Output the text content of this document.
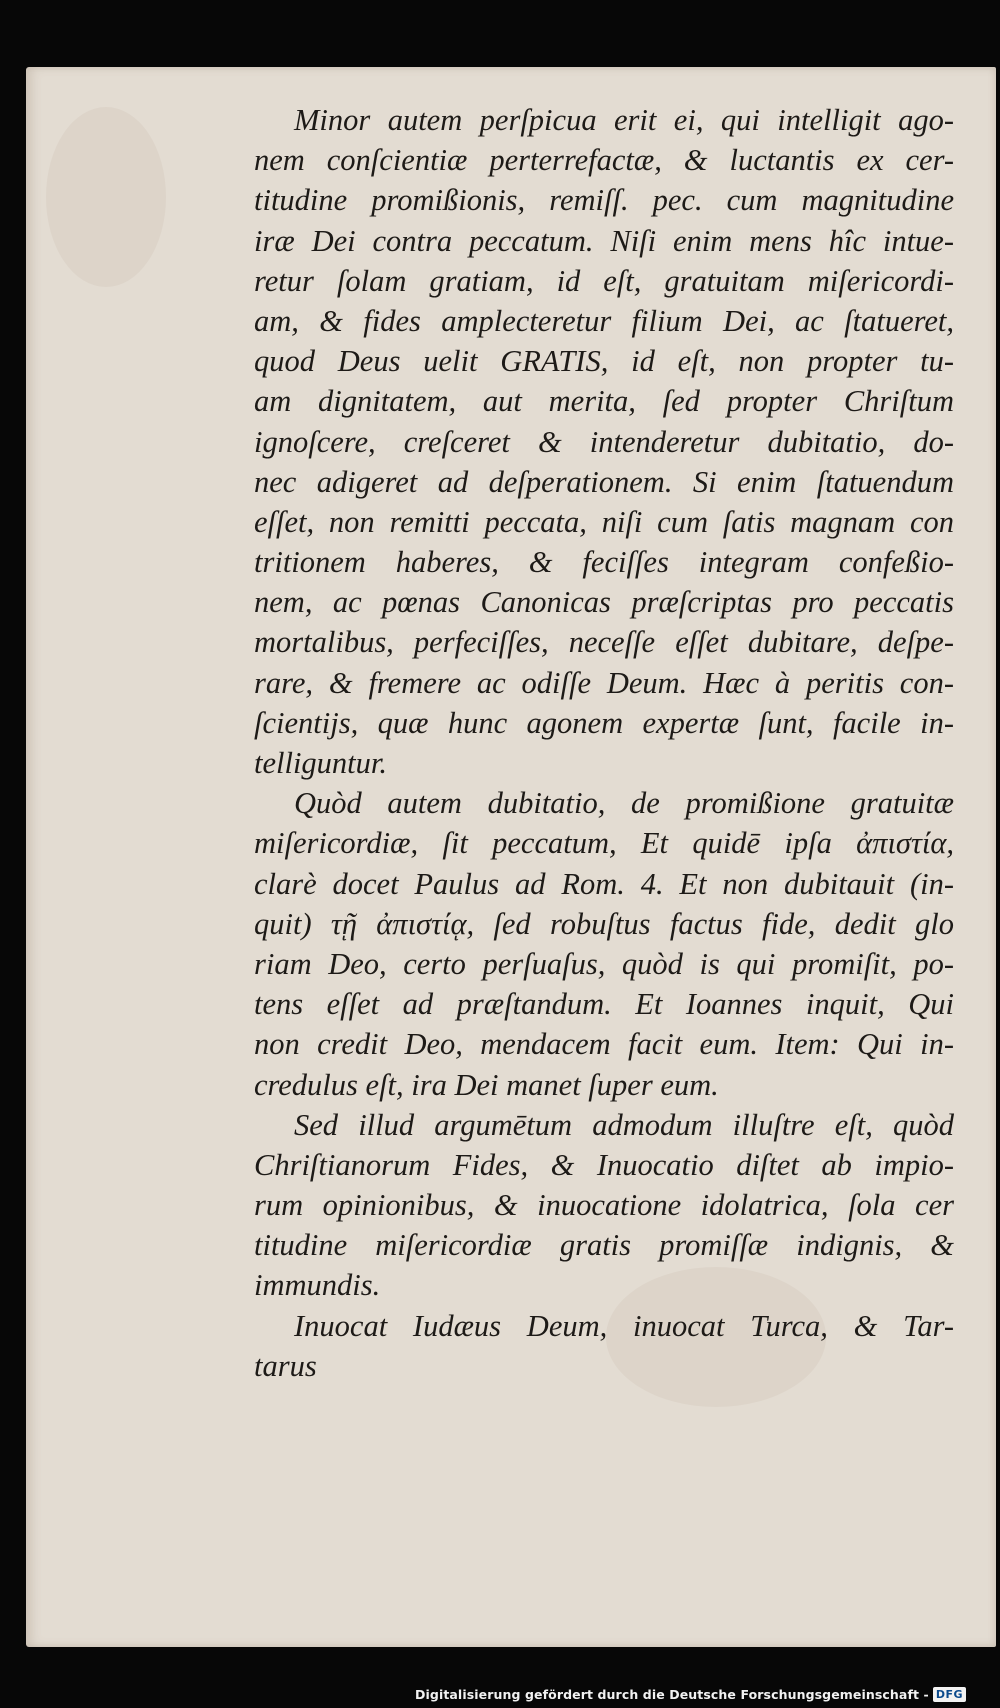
Minor autem perſpicua erit ei, qui intelligit ago-
nem conſcientiæ perterrefactæ, & luctantis ex cer-
titudine promißionis, remiſſ. pec. cum magnitudine
iræ Dei contra peccatum. Niſi enim mens hîc intue-
retur ſolam gratiam, id eſt, gratuitam miſericordi-
am, & fides amplecteretur filium Dei, ac ſtatueret,
quod Deus uelit GRATIS, id eſt, non propter tu-
am dignitatem, aut merita, ſed propter Chriſtum
ignoſcere, creſceret & intenderetur dubitatio, do-
nec adigeret ad deſperationem. Si enim ſtatuendum
eſſet, non remitti peccata, niſi cum ſatis magnam con
tritionem haberes, & feciſſes integram confeßio-
nem, ac pœnas Canonicas præſcriptas pro peccatis
mortalibus, perfeciſſes, neceſſe eſſet dubitare, deſpe-
rare, & fremere ac odiſſe Deum. Hæc à peritis con-
ſcientijs, quæ hunc agonem expertæ ſunt, facile in-
telliguntur.
Quòd autem dubitatio, de promißione gratuitæ
miſericordiæ, ſit peccatum, Et quidē ipſa ἀπιστία,
clarè docet Paulus ad Rom. 4. Et non dubitauit (in-
quit) τῇ ἀπιστίᾳ, ſed robuſtus factus fide, dedit glo
riam Deo, certo perſuaſus, quòd is qui promiſit, po-
tens eſſet ad præſtandum. Et Ioannes inquit, Qui
non credit Deo, mendacem facit eum. Item: Qui in-
credulus eſt, ira Dei manet ſuper eum.
Sed illud argumētum admodum illuſtre eſt, quòd
Chriſtianorum Fides, & Inuocatio diſtet ab impio-
rum opinionibus, & inuocatione idolatrica, ſola cer
titudine miſericordiæ gratis promiſſæ indignis, &
immundis.
Inuocat Iudæus Deum, inuocat Turca, & Tar-
tarus
Digitalisierung gefördert durch die Deutsche Forschungsgemeinschaft - DFG
